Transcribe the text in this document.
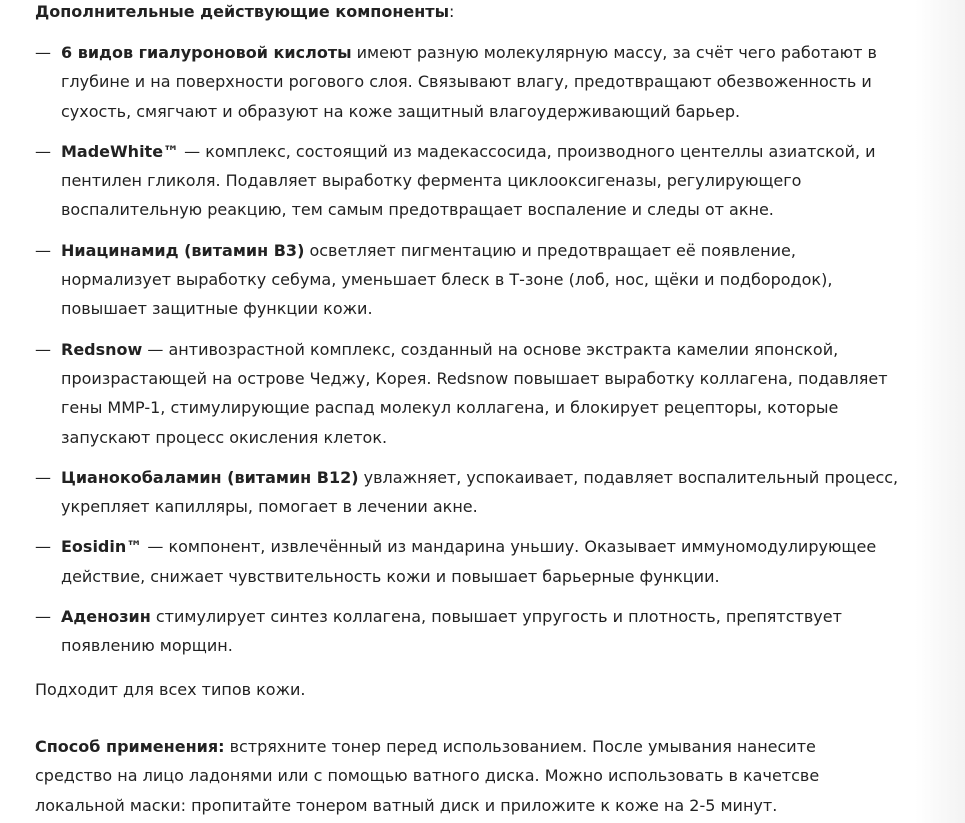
Дополнительные действующие компоненты:

— 6 видов гиалуроновой кислоты имеют разную молекулярную массу, за счёт чего работают в глубине и на поверхности рогового слоя. Связывают влагу, предотвращают обезвоженность и сухость, смягчают и образуют на коже защитный влагоудерживающий барьер.
— MadeWhite™ — комплекс, состоящий из мадекассосида, производного центеллы азиатской, и пентилен гликоля. Подавляет выработку фермента циклооксигеназы, регулирующего воспалительную реакцию, тем самым предотвращает воспаление и следы от акне.
— Ниацинамид (витамин B3) осветляет пигментацию и предотвращает её появление, нормализует выработку себума, уменьшает блеск в Т-зоне (лоб, нос, щёки и подбородок), повышает защитные функции кожи.
— Redsnow — антивозрастной комплекс, созданный на основе экстракта камелии японской, произрастающей на острове Чеджу, Корея. Redsnow повышает выработку коллагена, подавляет гены MMP-1, стимулирующие распад молекул коллагена, и блокирует рецепторы, которые запускают процесс окисления клеток.
— Цианокобаламин (витамин B12) увлажняет, успокаивает, подавляет воспалительный процесс, укрепляет капилляры, помогает в лечении акне.
— Eosidin™ — компонент, извлечённый из мандарина уньшиу. Оказывает иммуномодулирующее действие, снижает чувствительность кожи и повышает барьерные функции.
— Аденозин стимулирует синтез коллагена, повышает упругость и плотность, препятствует появлению морщин.

Подходит для всех типов кожи.

Способ применения: встряхните тонер перед использованием. После умывания нанесите средство на лицо ладонями или с помощью ватного диска. Можно использовать в качетсве локальной маски: пропитайте тонером ватный диск и приложите к коже на 2-5 минут.
